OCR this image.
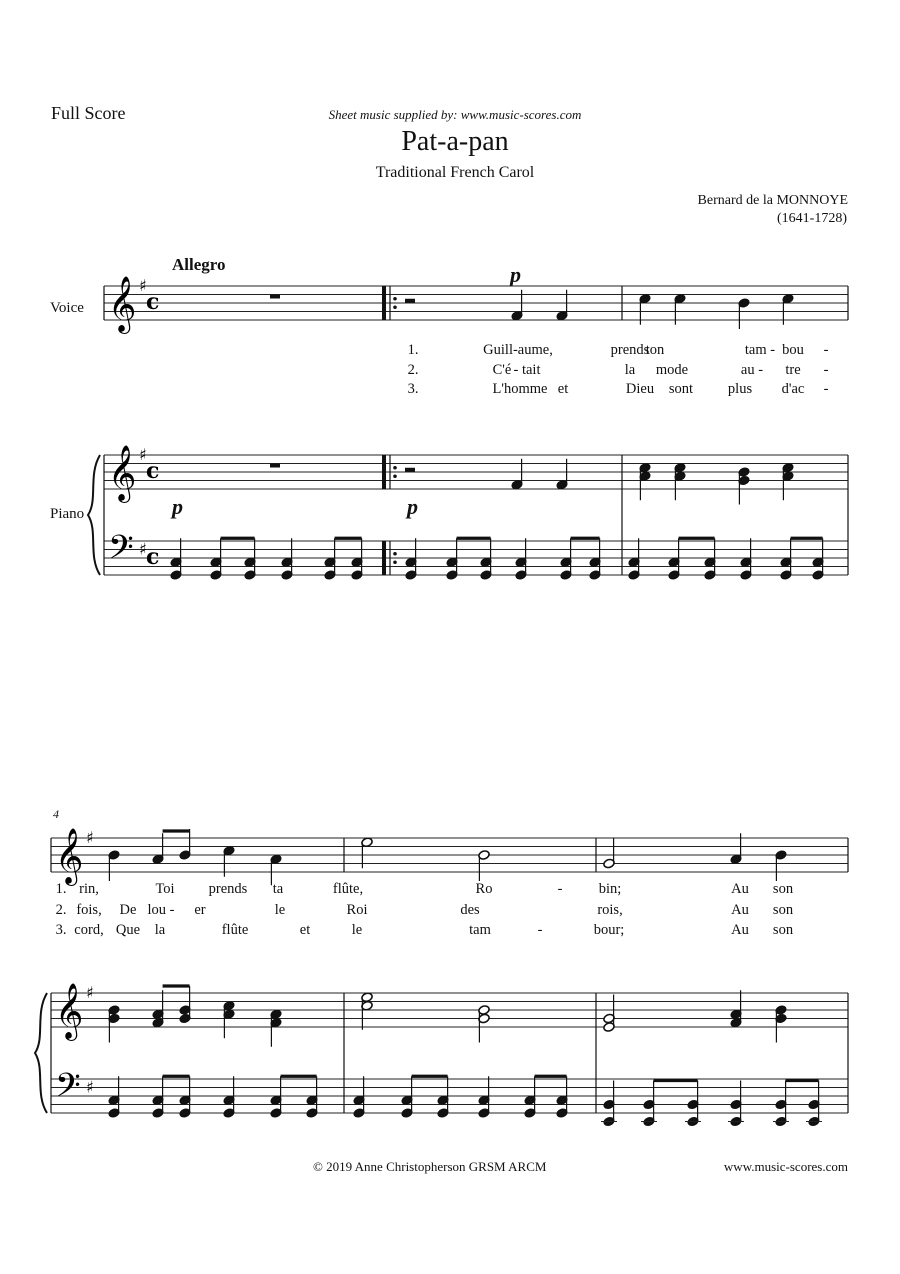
Full Score	Sheet music supplied by: www.music-scores.com
Pat-a-pan
Traditional French Carol
Bernard de la MONNOYE
(1641-1728)
Allegro
Voice
Piano
4
p
p	p
1.	Guill-aume,	prends
ton	tam - bou -
2.	C'é - tait	la mode	au - tre -
3.	L'homme et	Dieu sont plus d'ac -
1. rin,	Toi prends ta	flûte,	Ro	-	bin;	Au son
2. fois, De lou - er	le	Roi	des	rois,	Au son
3. cord, Que la	flûte	et	le	tam	-	bour;	Au son
© 2019 Anne Christopherson GRSM ARCM	www.music-scores.com
𝄞 ♯
c
𝄞 ♯
c
𝄢 ♯ c
𝄞 ♯
𝄞 ♯
𝄢 ♯
